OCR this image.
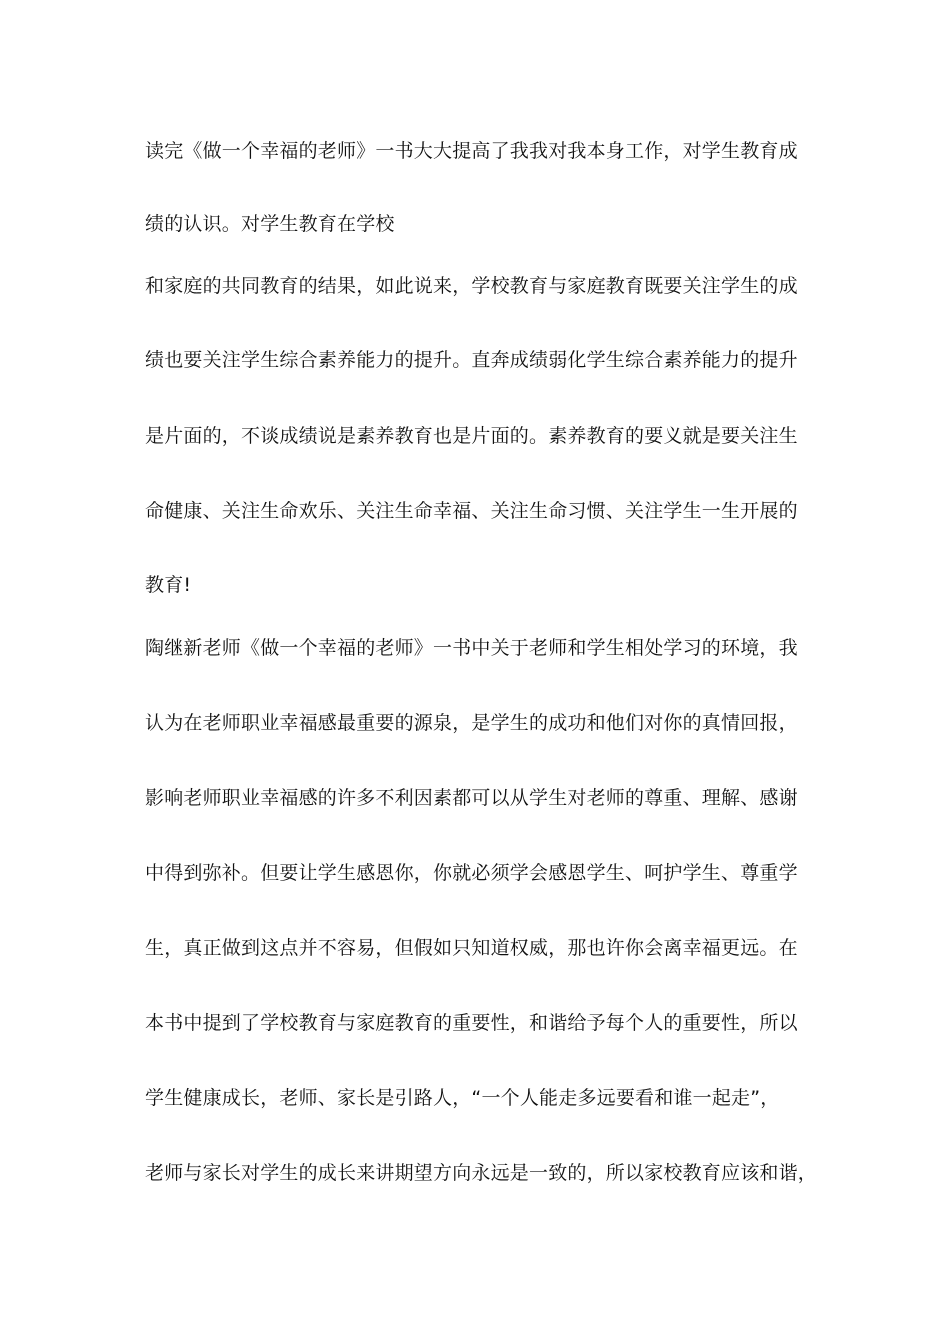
读完《做一个幸福的老师》一书大大提高了我我对我本身工作，对学生教育成
绩的认识。对学生教育在学校
和家庭的共同教育的结果，如此说来，学校教育与家庭教育既要关注学生的成
绩也要关注学生综合素养能力的提升。直奔成绩弱化学生综合素养能力的提升
是片面的，不谈成绩说是素养教育也是片面的。素养教育的要义就是要关注生
命健康、关注生命欢乐、关注生命幸福、关注生命习惯、关注学生一生开展的
教育!
陶继新老师《做一个幸福的老师》一书中关于老师和学生相处学习的环境，我
认为在老师职业幸福感最重要的源泉，是学生的成功和他们对你的真情回报，
影响老师职业幸福感的许多不利因素都可以从学生对老师的尊重、理解、感谢
中得到弥补。但要让学生感恩你，你就必须学会感恩学生、呵护学生、尊重学
生，真正做到这点并不容易，但假如只知道权威，那也许你会离幸福更远。在
本书中提到了学校教育与家庭教育的重要性，和谐给予每个人的重要性，所以
学生健康成长，老师、家长是引路人，“一个人能走多远要看和谁一起走”，
老师与家长对学生的成长来讲期望方向永远是一致的，所以家校教育应该和谐，
